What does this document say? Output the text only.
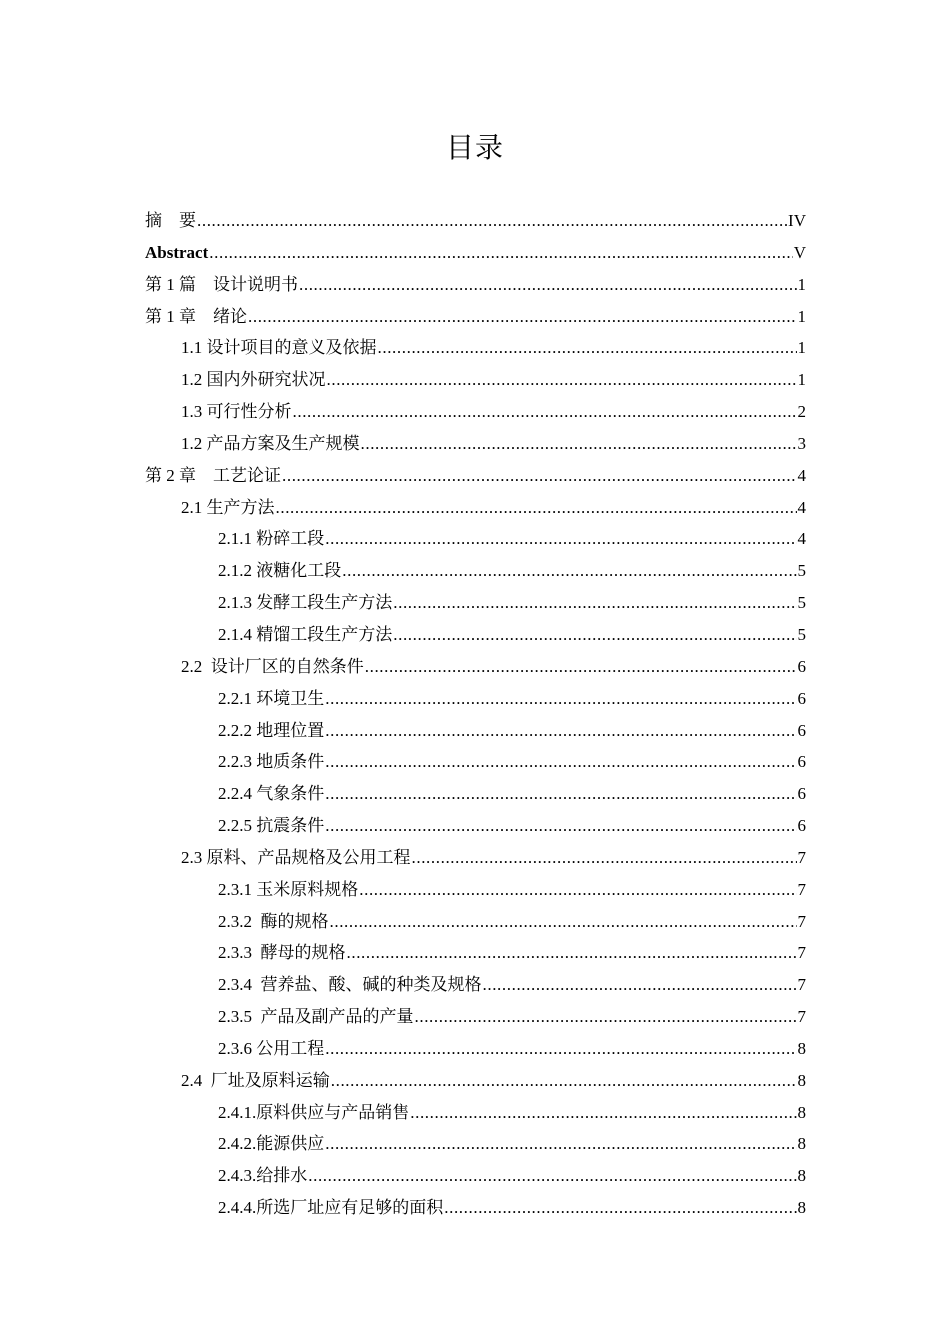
目录
摘　要 .....	IV
Abstract .....	V
第 1 篇　设计说明书 .....	1
第 1 章　绪论 .....	1
1.1 设计项目的意义及依据 .....	1
1.2 国内外研究状况 .....	1
1.3 可行性分析 .....	2
1.2 产品方案及生产规模 .....	3
第 2 章　工艺论证 .....	4
2.1 生产方法 .....	4
2.1.1 粉碎工段 .....	4
2.1.2 液糖化工段 .....	5
2.1.3 发酵工段生产方法 .....	5
2.1.4 精馏工段生产方法 .....	5
2.2  设计厂区的自然条件 .....	6
2.2.1 环境卫生 .....	6
2.2.2 地理位置 .....	6
2.2.3 地质条件 .....	6
2.2.4 气象条件 .....	6
2.2.5 抗震条件 .....	6
2.3 原料、产品规格及公用工程 .....	7
2.3.1 玉米原料规格 .....	7
2.3.2  酶的规格 .....	7
2.3.3  酵母的规格 .....	7
2.3.4  营养盐、酸、碱的种类及规格 .....	7
2.3.5  产品及副产品的产量 .....	7
2.3.6 公用工程 .....	8
2.4  厂址及原料运输 .....	8
2.4.1.原料供应与产品销售 .....	8
2.4.2.能源供应 .....	8
2.4.3.给排水 .....	8
2.4.4.所选厂址应有足够的面积 .....	8
